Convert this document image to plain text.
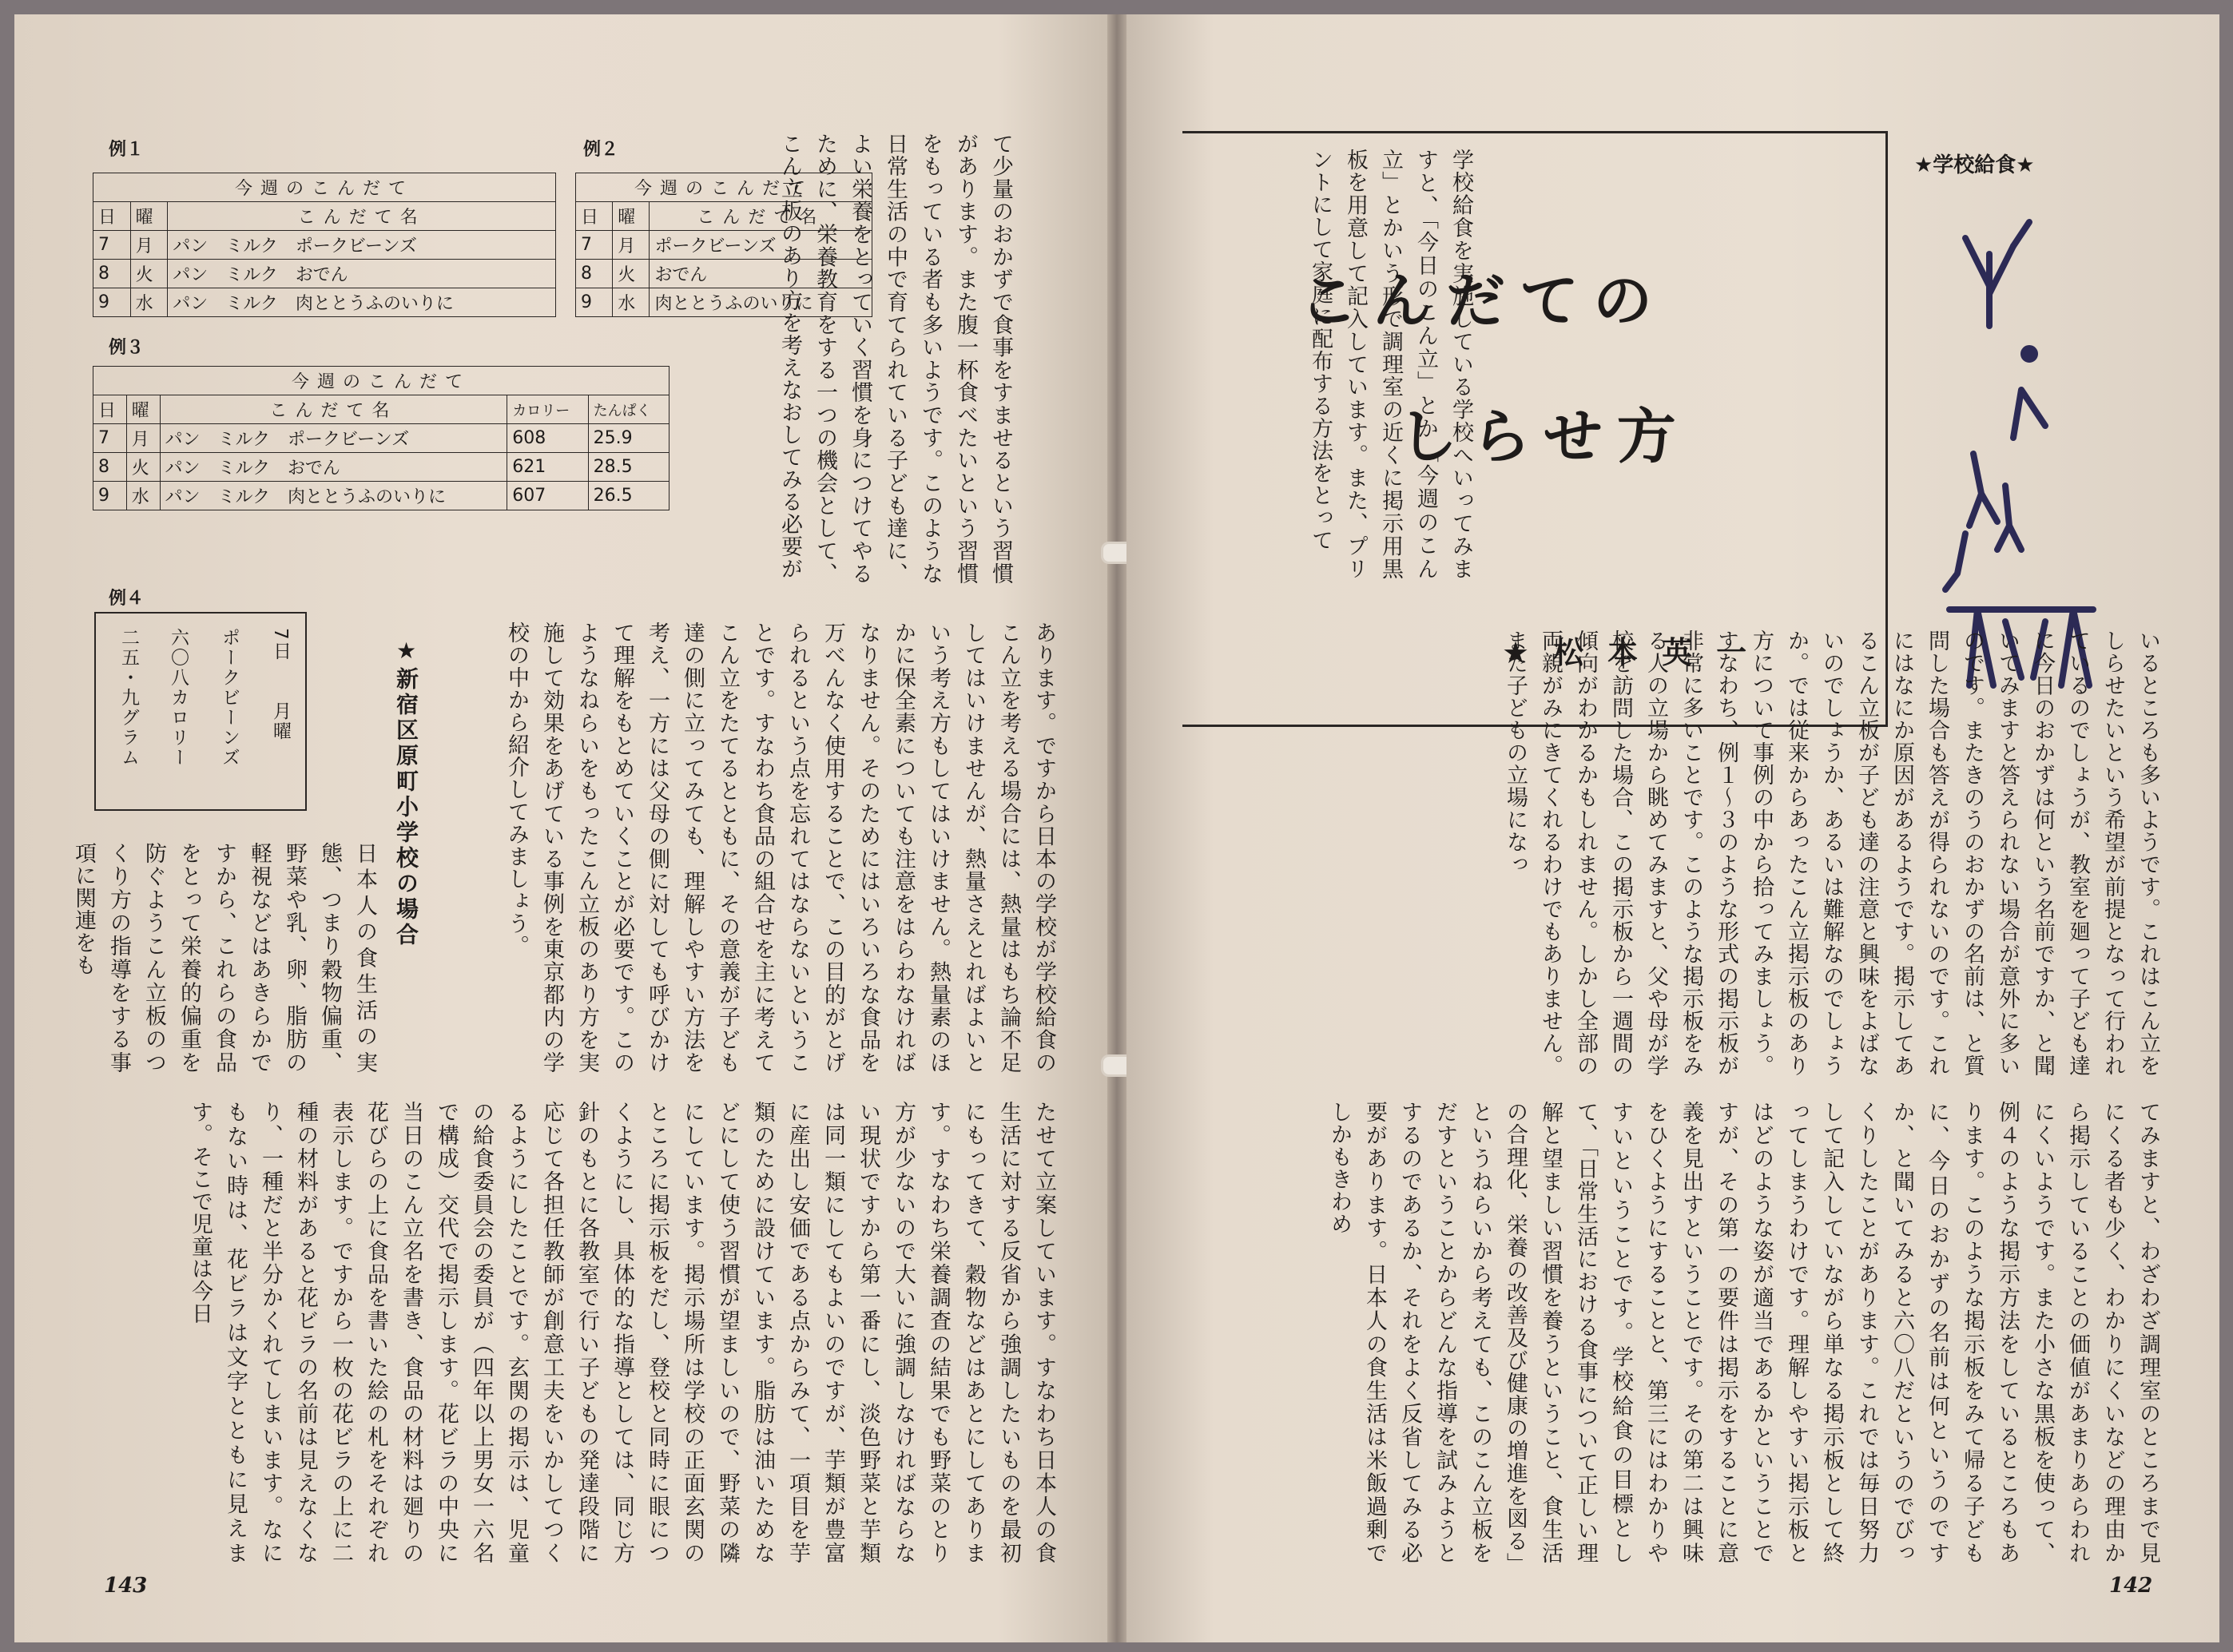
例１
今週のこんだて		
日	曜	こんだて名
7	月	パン　ミルク　ポークビーンズ
8	火	パン　ミルク　おでん
9	水	パン　ミルク　肉ととうふのいりに
例２
今週のこんだて		
日	曜	こんだて名
7	月	ポークビーンズ
8	火	おでん
9	水	肉ととうふのいりに
例３
今週のこんだて				
日	曜	こんだて名	カロリー	たんぱく
7	月	パン　ミルク　ポークビーンズ	608	25.9
8	火	パン　ミルク　おでん	621	28.5
9	水	パン　ミルク　肉ととうふのいりに	607	26.5
例４
7日　　月曜
ポークビーンズ
六〇八カロリー
二五・九グラム
て少量のおかずで食事をすませるという習慣があります。また腹一杯食べたいという習慣をもっている者も多いようです。このような日常生活の中で育てられている子ども達に、よい栄養をとっていく習慣を身につけてやるために、栄養教育をする一つの機会として、こん立板のあり方を考えなおしてみる必要が
あります。ですから日本の学校が学校給食のこん立を考える場合には、熱量はもち論不足してはいけませんが、熱量さえとればよいという考え方もしてはいけません。熱量素のほかに保全素についても注意をはらわなければなりません。そのためにはいろいろな食品を万べんなく使用することで、この目的がとげられるという点を忘れてはならないということです。すなわち食品の組合せを主に考えてこん立をたてるとともに、その意義が子ども達の側に立ってみても、理解しやすい方法を考え、一方には父母の側に対しても呼びかけて理解をもとめていくことが必要です。このようなねらいをもったこん立板のあり方を実施して効果をあげている事例を東京都内の学校の中から紹介してみましょう。
★新宿区原町小学校の場合
日本人の食生活の実態、つまり穀物偏重、野菜や乳、卵、脂肪の軽視などはあきらかですから、これらの食品をとって栄養的偏重を防ぐようこん立板のつくり方の指導をする事項に関連をも
たせて立案しています。すなわち日本人の食生活に対する反省から強調したいものを最初にもってきて、穀物などはあとにしてあります。すなわち栄養調査の結果でも野菜のとり方が少ないので大いに強調しなければならない現状ですから第一番にし、淡色野菜と芋類は同一類にしてもよいのですが、芋類が豊富に産出し安価である点からみて、一項目を芋類のために設けています。脂肪は油いためなどにして使う習慣が望ましいので、野菜の隣にしています。掲示場所は学校の正面玄関のところに掲示板をだし、登校と同時に眼につくようにし、具体的な指導としては、同じ方針のもとに各教室で行い子どもの発達段階に応じて各担任教師が創意工夫をいかしてつくるようにしたことです。玄関の掲示は、児童の給食委員会の委員が（四年以上男女一六名で構成）交代で掲示します。花ビラの中央に当日のこん立名を書き、食品の材料は廻りの花びらの上に食品を書いた絵の札をそれぞれ表示します。ですから一枚の花ビラの上に二種の材料があると花ビラの名前は見えなくなり、一種だと半分かくれてしまいます。なにもない時は、花ビラは文字とともに見えます。そこで児童は今日
143
★学校給食★
こんだての
しらせ方
★松本英一
学校給食を実施している学校へいってみますと、「今日のこん立」とか「今週のこん立」とかいう形で調理室の近くに掲示用黒板を用意して記入しています。また、プリントにして家庭に配布する方法をとって
いるところも多いようです。これはこん立をしらせたいという希望が前提となって行われているのでしょうが、教室を廻って子ども達に今日のおかずは何という名前ですか、と聞いてみますと答えられない場合が意外に多いのです。またきのうのおかずの名前は、と質問した場合も答えが得られないのです。これにはなにか原因があるようです。掲示してあるこん立板が子ども達の注意と興味をよばないのでしょうか、あるいは難解なのでしょうか。では従来からあったこん立掲示板のあり方について事例の中から拾ってみましょう。すなわち、例１〜３のような形式の掲示板が非常に多いことです。このような掲示板をみる人の立場から眺めてみますと、父や母が学校を訪問した場合、この掲示板から一週間の傾向がわかるかもしれません。しかし全部の両親がみにきてくれるわけでもありません。また子どもの立場になっ
てみますと、わざわざ調理室のところまで見にくる者も少く、わかりにくいなどの理由から掲示していることの価値があまりあらわれにくいようです。また小さな黒板を使って、例４のような掲示方法をしているところもあります。このような掲示板をみて帰る子どもに、今日のおかずの名前は何というのですか、と聞いてみると六〇八だというのでびっくりしたことがあります。これでは毎日努力して記入していながら単なる掲示板として終ってしまうわけです。理解しやすい掲示板とはどのような姿が適当であるかということですが、その第一の要件は掲示をすることに意義を見出すということです。その第二は興味をひくようにすることと、第三にはわかりやすいということです。学校給食の目標として、「日常生活における食事について正しい理解と望ましい習慣を養うということ、食生活の合理化、栄養の改善及び健康の増進を図る」というねらいから考えても、このこん立板をだすということからどんな指導を試みようとするのであるか、それをよく反省してみる必要があります。日本人の食生活は米飯過剰でしかもきわめ
142
